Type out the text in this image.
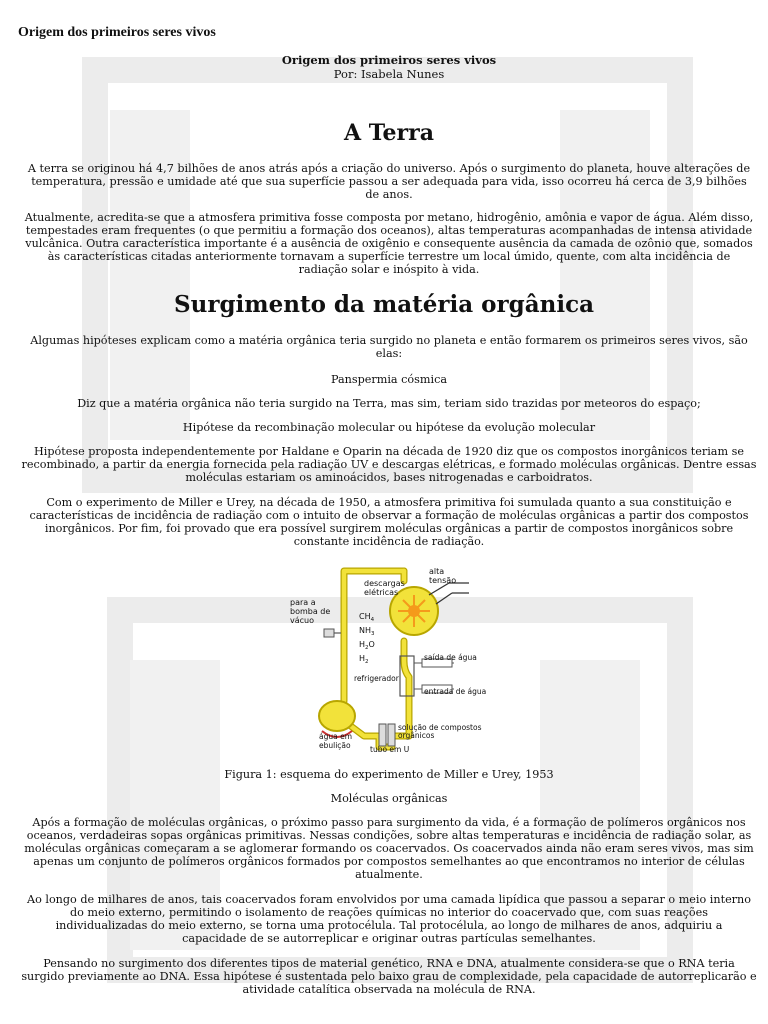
Origem dos primeiros seres vivos
Origem dos primeiros seres vivos
Por: Isabela Nunes
A Terra

A terra se originou há 4,7 bilhões de anos atrás após a criação do universo. Após o surgimento do planeta, houve alterações de temperatura, pressão e umidade até que sua superfície passou a ser adequada para vida, isso ocorreu há cerca de 3,9 bilhões de anos.

Atualmente, acredita-se que a atmosfera primitiva fosse composta por metano, hidrogênio, amônia e vapor de água. Além disso, tempestades eram frequentes (o que permitiu a formação dos oceanos), altas temperaturas acompanhadas de intensa atividade vulcânica. Outra característica importante é a ausência de oxigênio e consequente ausência da camada de ozônio que, somados às características citadas anteriormente tornavam a superfície terrestre um local úmido, quente, com alta incidência de radiação solar e inóspito à vida.

Surgimento da matéria orgânica

Algumas hipóteses explicam como a matéria orgânica teria surgido no planeta e então formarem os primeiros seres vivos, são elas:

Panspermia cósmica

Diz que a matéria orgânica não teria surgido na Terra, mas sim, teriam sido trazidas por meteoros do espaço;

Hipótese da recombinação molecular ou hipótese da evolução molecular

Hipótese proposta independentemente por Haldane e Oparin na década de 1920 diz que os compostos inorgânicos teriam se recombinado, a partir da energia fornecida pela radiação UV e descargas elétricas, e formado moléculas orgânicas. Dentre essas moléculas estariam os aminoácidos, bases nitrogenadas e carboidratos.

Com o experimento de Miller e Urey, na década de 1950, a atmosfera primitiva foi sumulada quanto a sua constituição e características de incidência de radiação com o intuito de observar a formação de moléculas orgânicas a partir dos compostos inorgânicos. Por fim, foi provado que era possível surgirem moléculas orgânicas a partir de compostos inorgânicos sobre constante incidência de radiação.

descargas
elétricas
alta
tensão
para a
bomba de
vácuo	$CH_4$
$NH_3$
$H_2O$
$H_2$	saída de água
refrigerador
entrada de água
água em
ebulição
solução de compostos
orgânicos
tubo em U
Figura 1: esquema do experimento de Miller e Urey, 1953

Moléculas orgânicas

Após a formação de moléculas orgânicas, o próximo passo para surgimento da vida, é a formação de polímeros orgânicos nos oceanos, verdadeiras sopas orgânicas primitivas. Nessas condições, sobre altas temperaturas e incidência de radiação solar, as moléculas orgânicas começaram a se aglomerar formando os coacervados. Os coacervados ainda não eram seres vivos, mas sim apenas um conjunto de polímeros orgânicos formados por compostos semelhantes ao que encontramos no interior de células atualmente.

Ao longo de milhares de anos, tais coacervados foram envolvidos por uma camada lipídica que passou a separar o meio interno do meio externo, permitindo o isolamento de reações químicas no interior do coacervado que, com suas reações individualizadas do meio externo, se torna uma protocélula. Tal protocélula, ao longo de milhares de anos, adquiriu a capacidade de se autorreplicar e originar outras partículas semelhantes.

Pensando no surgimento dos diferentes tipos de material genético, RNA e DNA, atualmente considera-se que o RNA teria surgido previamente ao DNA. Essa hipótese é sustentada pelo baixo grau de complexidade, pela capacidade de autorreplicarão e atividade catalítica observada na molécula de RNA.
